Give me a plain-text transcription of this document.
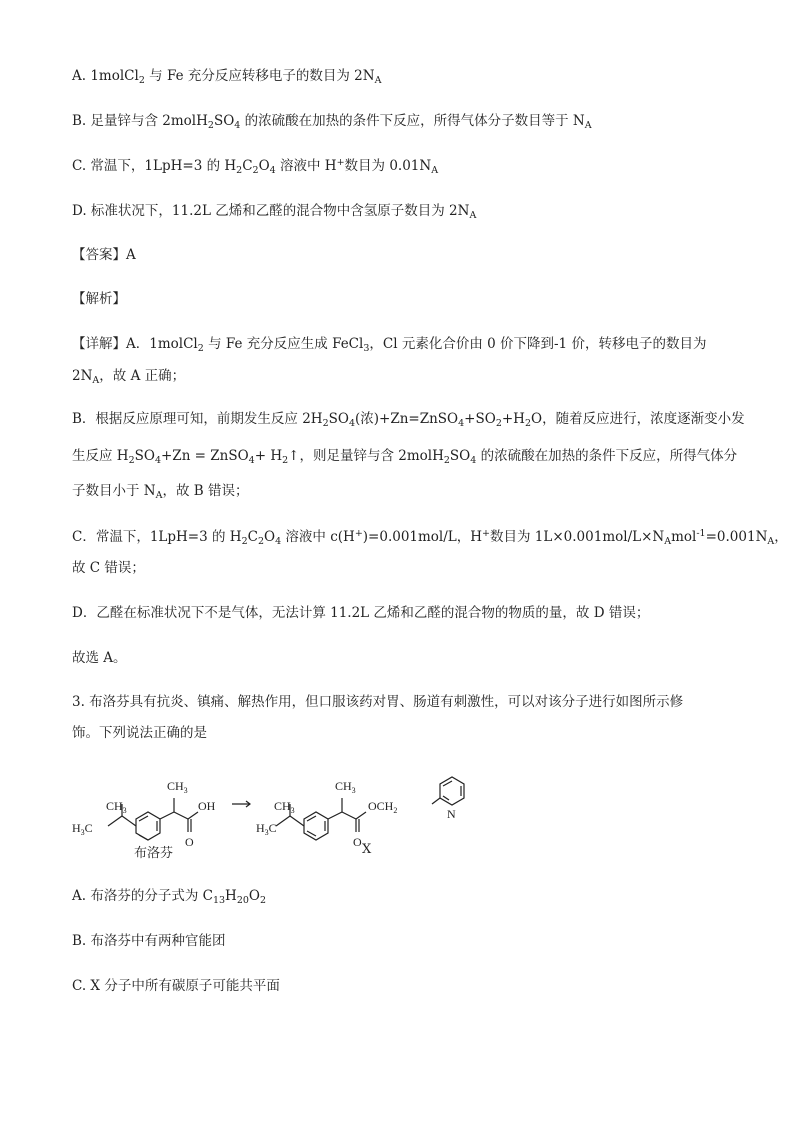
A. 1molCl$_2$ 与 Fe 充分反应转移电子的数目为 $2N_A$
B. 足量锌与含 $2molH_2SO_4$ 的浓硫酸在加热的条件下反应，所得气体分子数目等于 $N_A$
C. 常温下，1LpH=3 的 $H_2C_2O_4$ 溶液中 H+数目为 $0.01N_A$
D. 标准状况下，11.2L 乙烯和乙醛的混合物中含氢原子数目为 $2N_A$
【答案】A
【解析】
【详解】A．1molCl$_2$ 与 Fe 充分反应生成 FeCl$_3$，Cl 元素化合价由 0 价下降到-1 价，转移电子的数目为
$2N_A$，故 A 正确；
B．根据反应原理可知，前期发生反应 $2H_2SO_4$(浓)$+Zn=ZnSO_4+SO_2+H_2O$，随着反应进行，浓度逐渐变小发
生反应 $H_2SO_4+Zn$ = ZnSO$_4$+ $H_2↑$，则足量锌与含 $2molH_2SO_4$ 的浓硫酸在加热的条件下反应，所得气体分
子数目小于 $N_A$，故 B 错误；
C．常温下，1LpH=3 的 $H_2C_2O_4$ 溶液中 c(H+)=0.001mol/L，H+数目为 $1L\times 0.001mol/L\times N_Amol^{-1}=0.001N_A$，
故 C 错误；
D．乙醛在标准状况下不是气体，无法计算 11.2L 乙烯和乙醛的混合物的物质的量，故 D 错误；
故选 A。
3. 布洛芬具有抗炎、镇痛、解热作用，但口服该药对胃、肠道有刺激性，可以对该分子进行如图所示修
饰。下列说法正确的是
$CH_3$
$H_3C$
$CH_3$
OH
O
$CH_3$
$H_3C$
$CH_3$
$OCH_2$
O
N
布洛芬	X
A. 布洛芬的分子式为 $C_{13}H_{20}O_2$
B. 布洛芬中有两种官能团
C. X 分子中所有碳原子可能共平面
